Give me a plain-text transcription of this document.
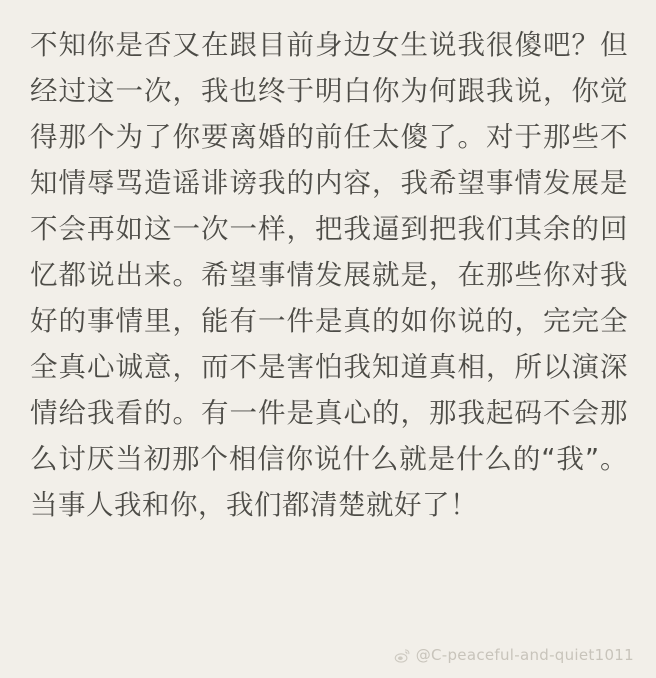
不知你是否又在跟目前身边女生说我很傻吧？但经过这一次，我也终于明白你为何跟我说，你觉得那个为了你要离婚的前任太傻了。对于那些不知情辱骂造谣诽谤我的内容，我希望事情发展是不会再如这一次一样，把我逼到把我们其余的回忆都说出来。希望事情发展就是，在那些你对我好的事情里，能有一件是真的如你说的，完完全全真心诚意，而不是害怕我知道真相，所以演深情给我看的。有一件是真心的，那我起码不会那么讨厌当初那个相信你说什么就是什么的“我”。当事人我和你，我们都清楚就好了！
@C-peaceful-and-quiet1011
